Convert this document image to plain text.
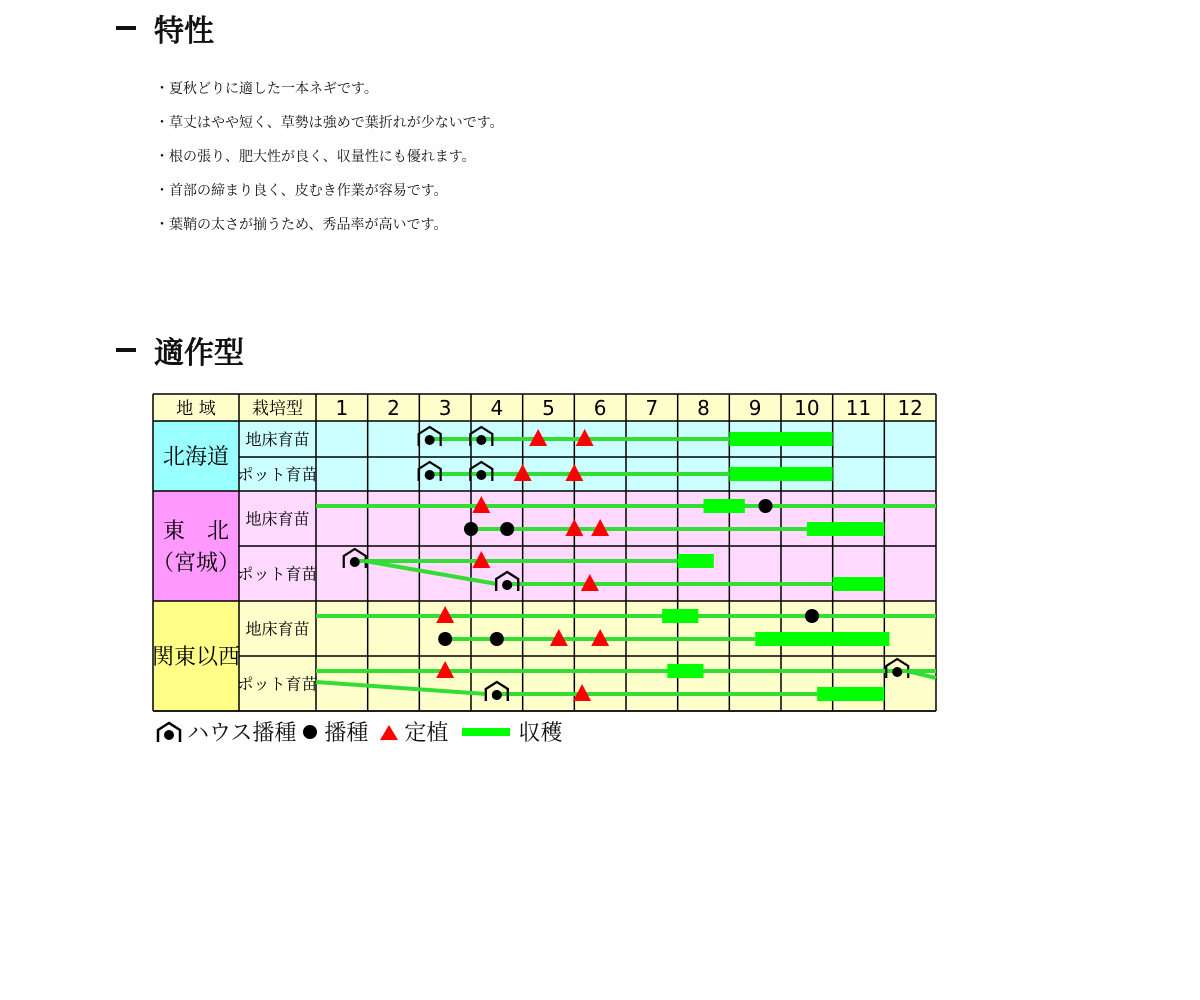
特性
・夏秋どりに適した一本ネギです。
・草丈はやや短く、草勢は強めで葉折れが少ないです。
・根の張り、肥大性が良く、収量性にも優れます。
・首部の締まり良く、皮むき作業が容易です。
・葉鞘の太さが揃うため、秀品率が高いです。
適作型
地 域 栽培型 1 2 3 4 5 6 7 8 9 10 11 12
北海道
地床育苗
ポット育苗
東　北
（宮城）
地床育苗
ポット育苗
関東以西
地床育苗
ポット育苗
ハウス播種 播種 定植	収穫
